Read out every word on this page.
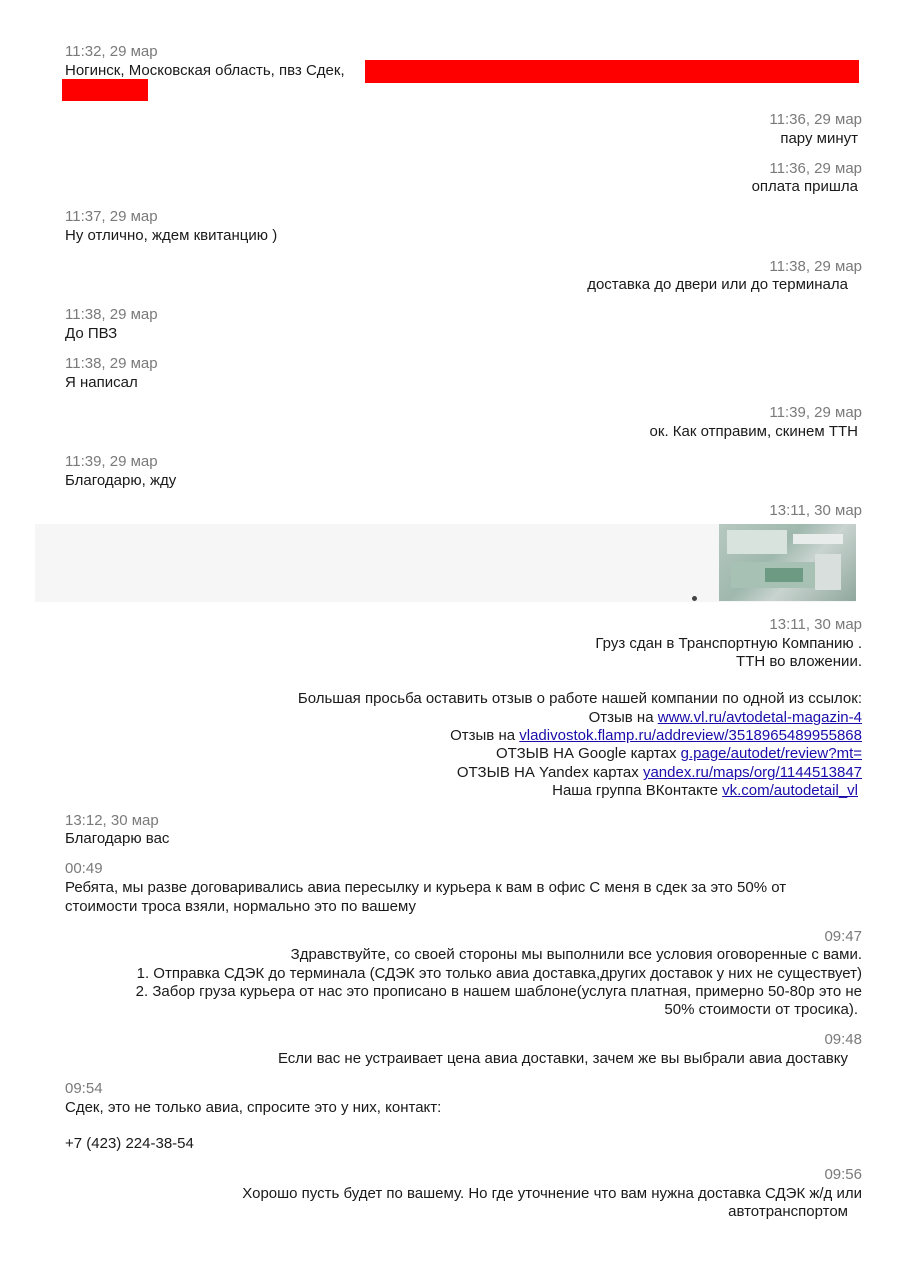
11:32, 29 мар
Ногинск, Московская область, пвз Сдек,
11:36, 29 мар
пару минут
11:36, 29 мар
оплата пришла
11:37, 29 мар
Ну отлично, ждем квитанцию )
11:38, 29 мар
доставка до двери или до терминала
11:38, 29 мар
До ПВЗ
11:38, 29 мар
Я написал
11:39, 29 мар
ок. Как отправим, скинем ТТН
11:39, 29 мар
Благодарю, жду
13:11, 30 мар
13:11, 30 мар
Груз сдан в Транспортную Компанию .
ТТН во вложении.
Большая просьба оставить отзыв о работе нашей компании по одной из ссылок:
Отзыв на www.vl.ru/avtodetal-magazin-4
Отзыв на vladivostok.flamp.ru/addreview/3518965489955868
ОТЗЫВ НА Google картах g.page/autodet/review?mt=
ОТЗЫВ НА Yandex картах yandex.ru/maps/org/1144513847
Наша группа ВКонтакте vk.com/autodetail_vl
13:12, 30 мар
Благодарю вас
00:49
Ребята, мы разве договаривались авиа пересылку и курьера к вам в офис С меня в сдек за это 50% от
стоимости троса взяли, нормально это по вашему
09:47
Здравствуйте, со своей стороны мы выполнили все условия оговоренные с вами.
1. Отправка СДЭК до терминала (СДЭК это только авиа доставка,других доставок у них не существует)
2. Забор груза курьера от нас это прописано в нашем шаблоне(услуга платная, примерно 50-80р это не
50% стоимости от тросика).
09:48
Если вас не устраивает цена авиа доставки, зачем же вы выбрали авиа доставку
09:54
Сдек, это не только авиа, спросите это у них, контакт:
+7 (423) 224-38-54
09:56
Хорошо пусть будет по вашему. Но где уточнение что вам нужна доставка СДЭК ж/д или
автотранспортом
